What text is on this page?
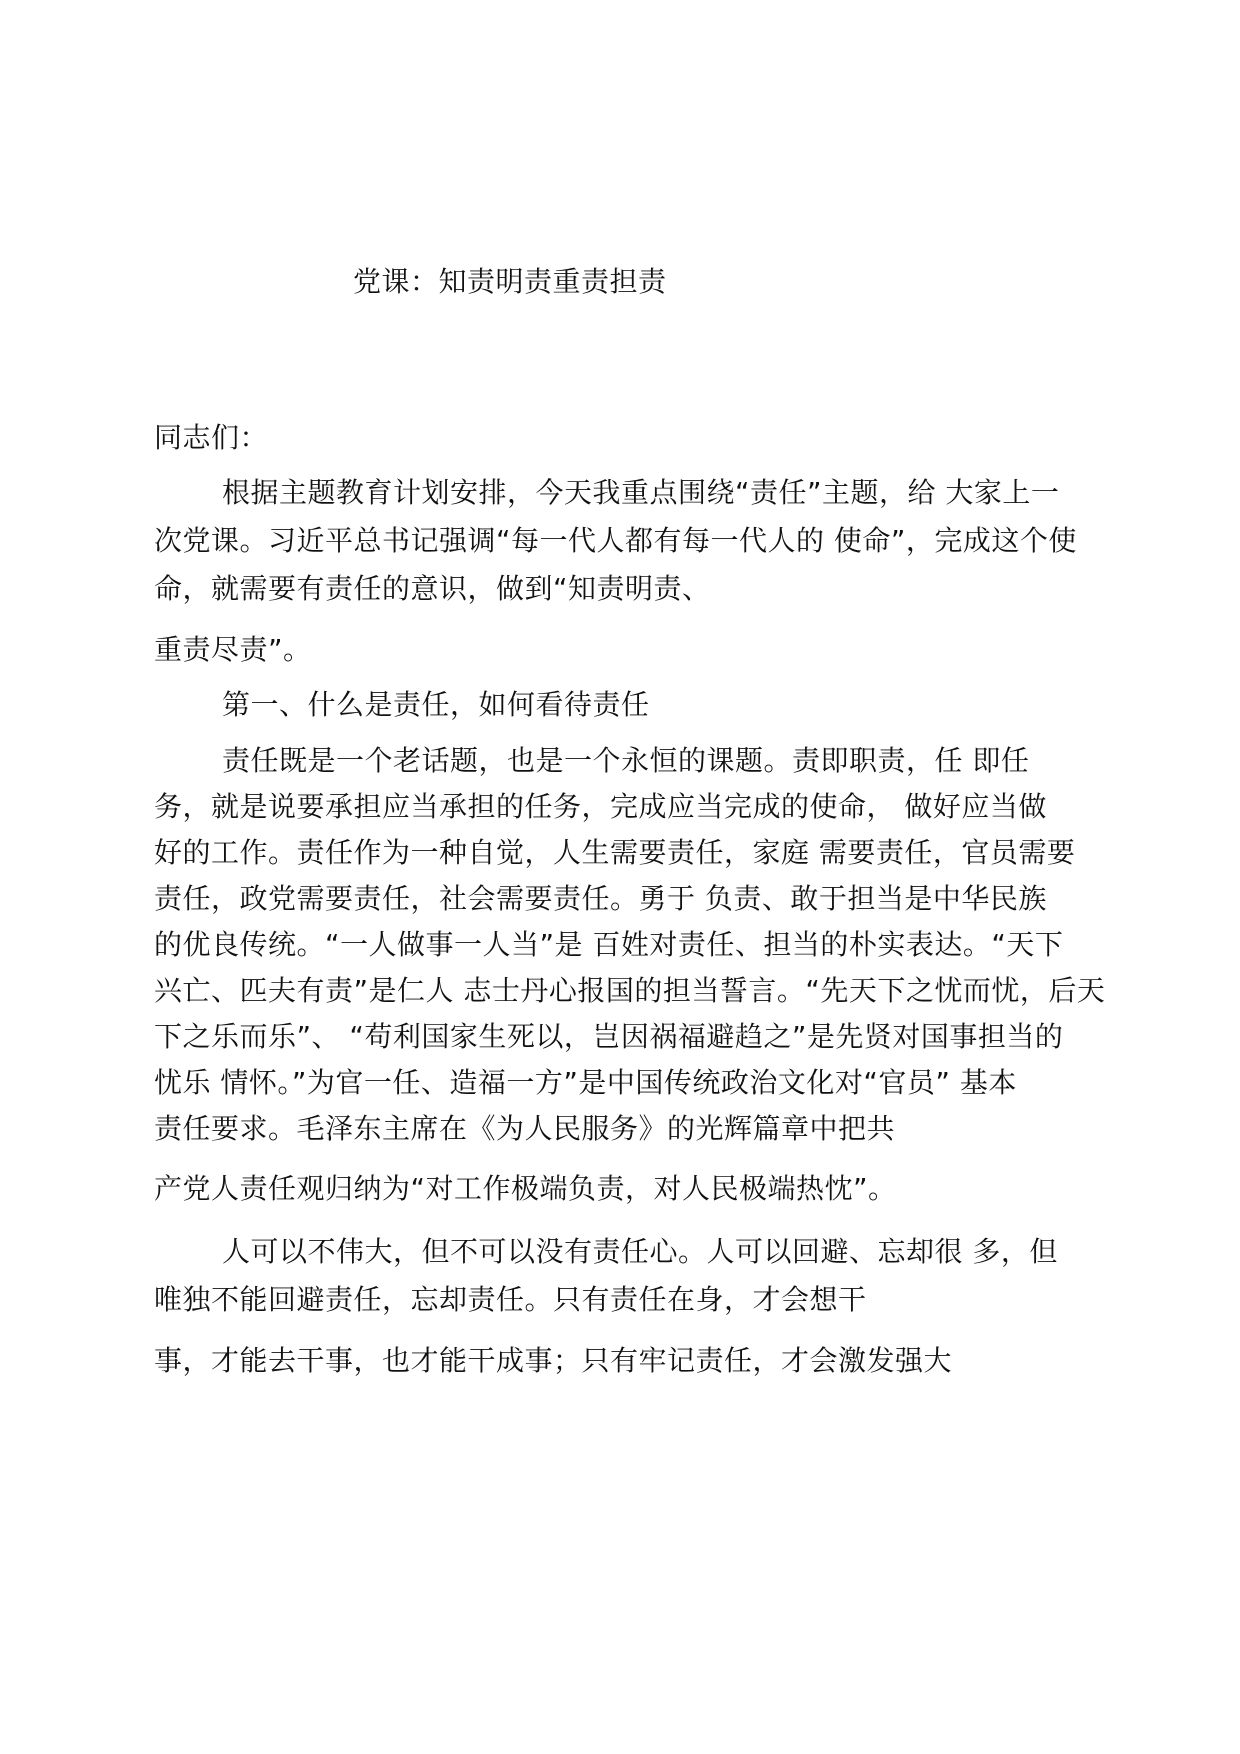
党课：知责明责重责担责
同志们：
根据主题教育计划安排，今天我重点围绕“责任”主题，给 大家上一
次党课。习近平总书记强调“每一代人都有每一代人的 使命”，完成这个使
命，就需要有责任的意识，做到“知责明责、
重责尽责”。
第一、什么是责任，如何看待责任
责任既是一个老话题，也是一个永恒的课题。责即职责，任 即任
务，就是说要承担应当承担的任务，完成应当完成的使命， 做好应当做
好的工作。责任作为一种自觉，人生需要责任，家庭 需要责任，官员需要
责任，政党需要责任，社会需要责任。勇于 负责、敢于担当是中华民族
的优良传统。“一人做事一人当”是 百姓对责任、担当的朴实表达。“天下
兴亡、匹夫有责”是仁人 志士丹心报国的担当誓言。“先天下之忧而忧，后天
下之乐而乐”、 “苟利国家生死以，岂因祸福避趋之”是先贤对国事担当的
忧乐 情怀。”为官一任、造福一方”是中国传统政治文化对“官员” 基本
责任要求。毛泽东主席在《为人民服务》的光辉篇章中把共
产党人责任观归纳为“对工作极端负责，对人民极端热忱”。
人可以不伟大，但不可以没有责任心。人可以回避、忘却很 多，但
唯独不能回避责任，忘却责任。只有责任在身，才会想干
事，才能去干事，也才能干成事；只有牢记责任，才会激发强大
